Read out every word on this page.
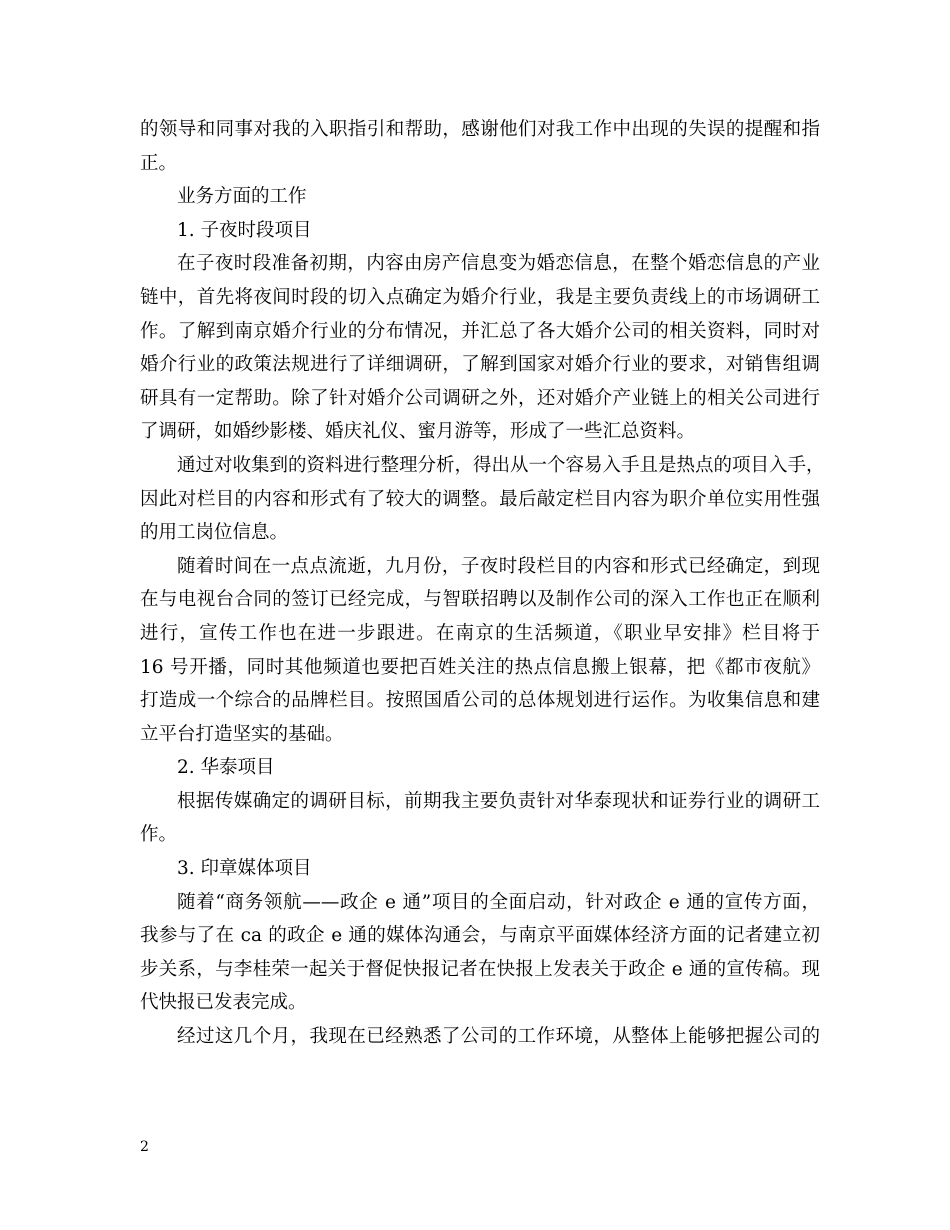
的领导和同事对我的入职指引和帮助，感谢他们对我工作中出现的失误的提醒和指
正。
业务方面的工作
1. 子夜时段项目
在子夜时段准备初期，内容由房产信息变为婚恋信息，在整个婚恋信息的产业
链中，首先将夜间时段的切入点确定为婚介行业，我是主要负责线上的市场调研工
作。了解到南京婚介行业的分布情况，并汇总了各大婚介公司的相关资料，同时对
婚介行业的政策法规进行了详细调研，了解到国家对婚介行业的要求，对销售组调
研具有一定帮助。除了针对婚介公司调研之外，还对婚介产业链上的相关公司进行
了调研，如婚纱影楼、婚庆礼仪、蜜月游等，形成了一些汇总资料。
通过对收集到的资料进行整理分析，得出从一个容易入手且是热点的项目入手，
因此对栏目的内容和形式有了较大的调整。最后敲定栏目内容为职介单位实用性强
的用工岗位信息。
随着时间在一点点流逝，九月份，子夜时段栏目的内容和形式已经确定，到现
在与电视台合同的签订已经完成，与智联招聘以及制作公司的深入工作也正在顺利
进行，宣传工作也在进一步跟进。在南京的生活频道，《职业早安排》栏目将于
16 号开播，同时其他频道也要把百姓关注的热点信息搬上银幕，把《都市夜航》
打造成一个综合的品牌栏目。按照国盾公司的总体规划进行运作。为收集信息和建
立平台打造坚实的基础。
2. 华泰项目
根据传媒确定的调研目标，前期我主要负责针对华泰现状和证券行业的调研工
作。
3. 印章媒体项目
随着“商务领航——政企 e 通”项目的全面启动，针对政企 e 通的宣传方面，
我参与了在 ca 的政企 e 通的媒体沟通会，与南京平面媒体经济方面的记者建立初
步关系，与李桂荣一起关于督促快报记者在快报上发表关于政企 e 通的宣传稿。现
代快报已发表完成。
经过这几个月，我现在已经熟悉了公司的工作环境，从整体上能够把握公司的
2
